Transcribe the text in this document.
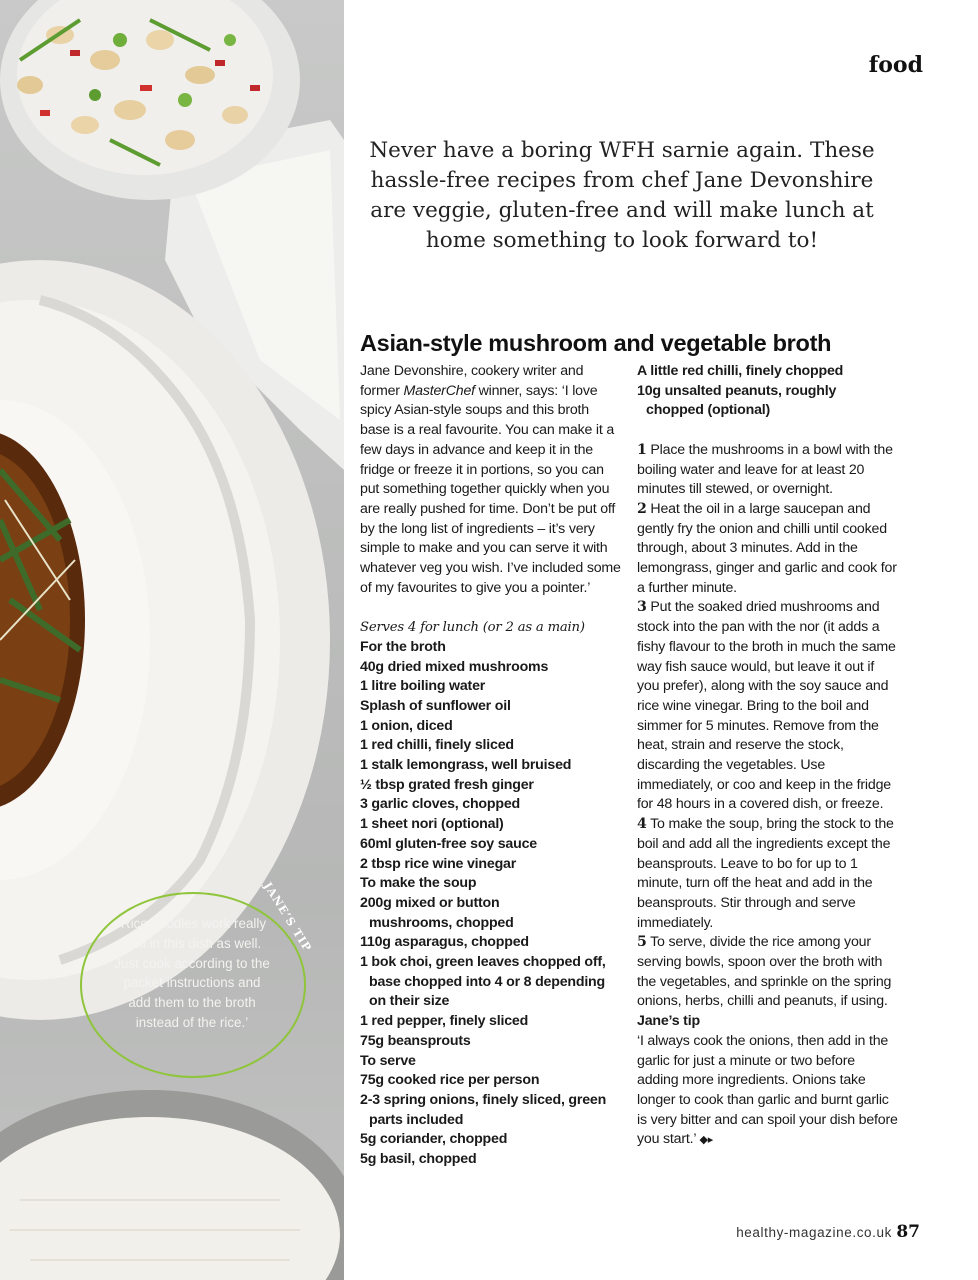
‘Rice noodles work really well in this dish as well. Just cook according to the packet instructions and add them to the broth instead of the rice.’
JANE’S TIP
food
Never have a boring WFH sarnie again. These hassle-free recipes from chef Jane Devonshire are veggie, gluten-free and will make lunch at home something to look forward to!
Asian-style mushroom and vegetable broth

Jane Devonshire, cookery writer and former MasterChef winner, says: ‘I love spicy Asian-style soups and this broth base is a real favourite. You can make it a few days in advance and keep it in the fridge or freeze it in portions, so you can put something together quickly when you are really pushed for time. Don’t be put off by the long list of ingredients – it’s very simple to make and you can serve it with whatever veg you wish. I’ve included some of my favourites to give you a pointer.’

Serves 4 for lunch (or 2 as a main)

For the broth

40g dried mixed mushrooms

1 litre boiling water

Splash of sunflower oil

1 onion, diced

1 red chilli, finely sliced

1 stalk lemongrass, well bruised

½ tbsp grated fresh ginger

3 garlic cloves, chopped

1 sheet nori (optional)

60ml gluten-free soy sauce

2 tbsp rice wine vinegar

To make the soup

200g mixed or button

mushrooms, chopped

110g asparagus, chopped

1 bok choi, green leaves chopped off,

base chopped into 4 or 8 depending

on their size

1 red pepper, finely sliced

75g beansprouts

To serve

75g cooked rice per person

2-3 spring onions, finely sliced, green

parts included

5g coriander, chopped

5g basil, chopped

A little red chilli, finely chopped

10g unsalted peanuts, roughly

chopped (optional)

1 Place the mushrooms in a bowl with the boiling water and leave for at least 20 minutes till stewed, or overnight.

2 Heat the oil in a large saucepan and gently fry the onion and chilli until cooked through, about 3 minutes. Add in the lemongrass, ginger and garlic and cook for a further minute.

3 Put the soaked dried mushrooms and stock into the pan with the nor (it adds a fishy flavour to the broth in much the same way fish sauce would, but leave it out if you prefer), along with the soy sauce and rice wine vinegar. Bring to the boil and simmer for 5 minutes. Remove from the heat, strain and reserve the stock, discarding the vegetables. Use immediately, or coo and keep in the fridge for 48 hours in a covered dish, or freeze.

4 To make the soup, bring the stock to the boil and add all the ingredients except the beansprouts. Leave to bo for up to 1 minute, turn off the heat and add in the beansprouts. Stir through and serve immediately.

5 To serve, divide the rice among your serving bowls, spoon over the broth with the vegetables, and sprinkle on the spring onions, herbs, chilli and peanuts, if using.

Jane’s tip

‘I always cook the onions, then add in the garlic for just a minute or two before adding more ingredients. Onions take longer to cook than garlic and burnt garlic is very bitter and can spoil your dish before you start.’ ◆▸

healthy-magazine.co.uk 87
